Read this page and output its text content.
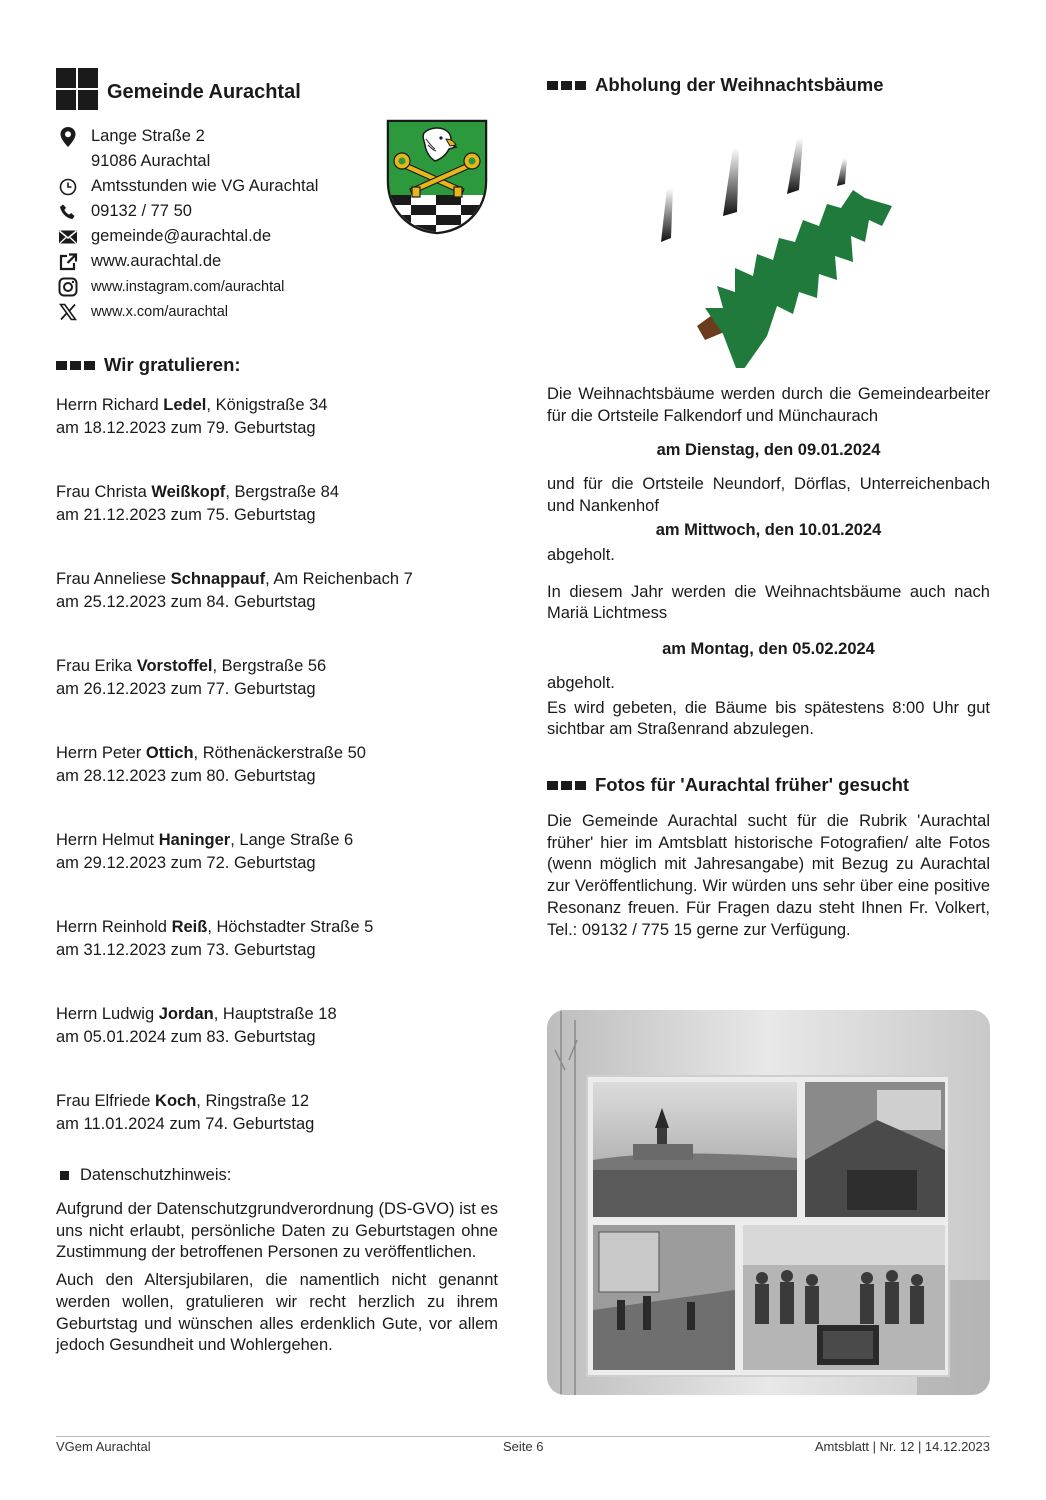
Gemeinde Aurachtal
Lange Straße 2
91086 Aurachtal
Amtsstunden wie VG Aurachtal
09132 / 77 50
gemeinde@aurachtal.de
www.aurachtal.de
www.instagram.com/aurachtal
www.x.com/aurachtal
Wir gratulieren:
Herrn Richard Ledel, Königstraße 34
am 18.12.2023 zum 79. Geburtstag
Frau Christa Weißkopf, Bergstraße 84
am 21.12.2023 zum 75. Geburtstag
Frau Anneliese Schnappauf, Am Reichenbach 7
am 25.12.2023 zum 84. Geburtstag
Frau Erika Vorstoffel, Bergstraße 56
am 26.12.2023 zum 77. Geburtstag
Herrn Peter Ottich, Röthenäckerstraße 50
am 28.12.2023 zum 80. Geburtstag
Herrn Helmut Haninger, Lange Straße 6
am 29.12.2023 zum 72. Geburtstag
Herrn Reinhold Reiß, Höchstadter Straße 5
am 31.12.2023 zum 73. Geburtstag
Herrn Ludwig Jordan, Hauptstraße 18
am 05.01.2024 zum 83. Geburtstag
Frau Elfriede Koch, Ringstraße 12
am 11.01.2024 zum 74. Geburtstag
Datenschutzhinweis:
Aufgrund der Datenschutzgrundverordnung (DS-GVO) ist es uns nicht erlaubt, persönliche Daten zu Geburtstagen ohne Zustimmung der betroffenen Personen zu veröffentlichen.
Auch den Altersjubilaren, die namentlich nicht genannt werden wollen, gratulieren wir recht herzlich zu ihrem Geburtstag und wünschen alles erdenklich Gute, vor allem jedoch Gesundheit und Wohlergehen.
Abholung der Weihnachtsbäume
Die Weihnachtsbäume werden durch die Gemeindearbeiter für die Ortsteile Falkendorf und Münchaurach
am Dienstag, den 09.01.2024
und für die Ortsteile Neundorf, Dörflas, Unterreichenbach und Nankenhof
am Mittwoch, den 10.01.2024
abgeholt.
In diesem Jahr werden die Weihnachtsbäume auch nach Mariä Lichtmess
am Montag, den 05.02.2024
abgeholt.
Es wird gebeten, die Bäume bis spätestens 8:00 Uhr gut sichtbar am Straßenrand abzulegen.
Fotos für 'Aurachtal früher' gesucht
Die Gemeinde Aurachtal sucht für die Rubrik 'Aurachtal früher' hier im Amtsblatt historische Fotografien/ alte Fotos (wenn möglich mit Jahresangabe) mit Bezug zu Aurachtal zur Veröffentlichung. Wir würden uns sehr über eine positive Resonanz freuen. Für Fragen dazu steht Ihnen Fr. Volkert, Tel.: 09132 / 775 15 gerne zur Verfügung.
VGem Aurachtal	Seite 6	Amtsblatt | Nr. 12 | 14.12.2023
